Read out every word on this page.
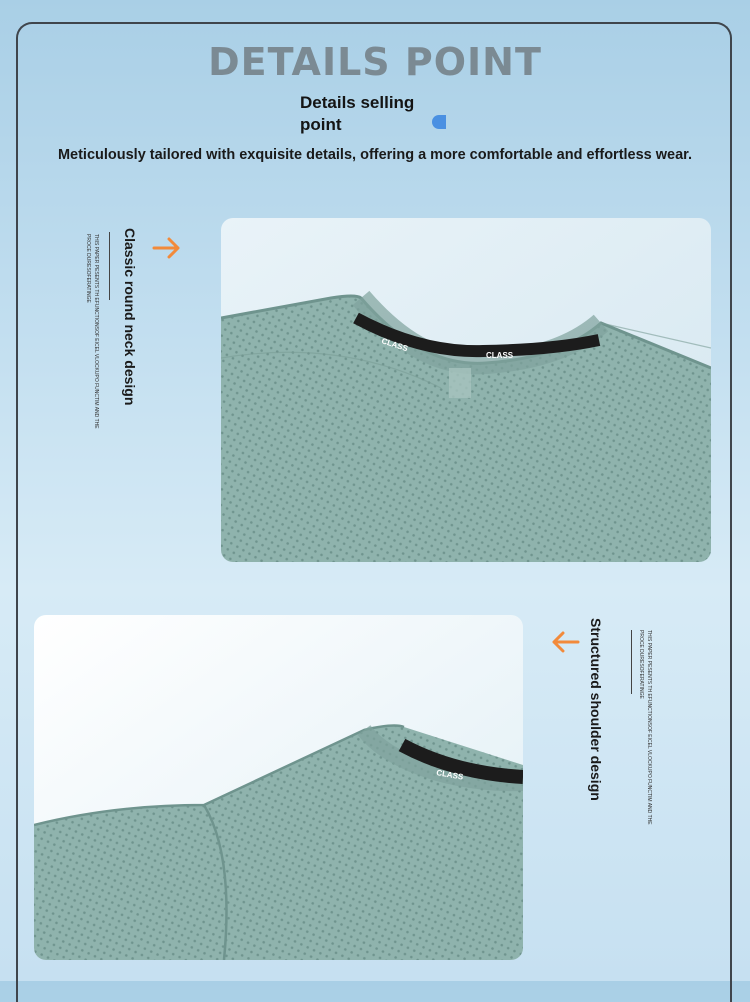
DETAILS POINT
Details selling point
Meticulously tailored with exquisite details, offering a more comfortable and effortless wear.
THIS PAPER PESENTS TH EFUNCTIONSOF EICEL VLOCKUPO FUNCTIM AND THE
PROCE DURESOFERATINGE	Classic round neck design	CLASS
CLASS
THIS PAPER PESENTS TH EFUNCTIONSOF EICEL VLOCKUPO FUNCTIM AND THE
PROCE DURESOFERATINGE
Structured shoulder design
CLASS
